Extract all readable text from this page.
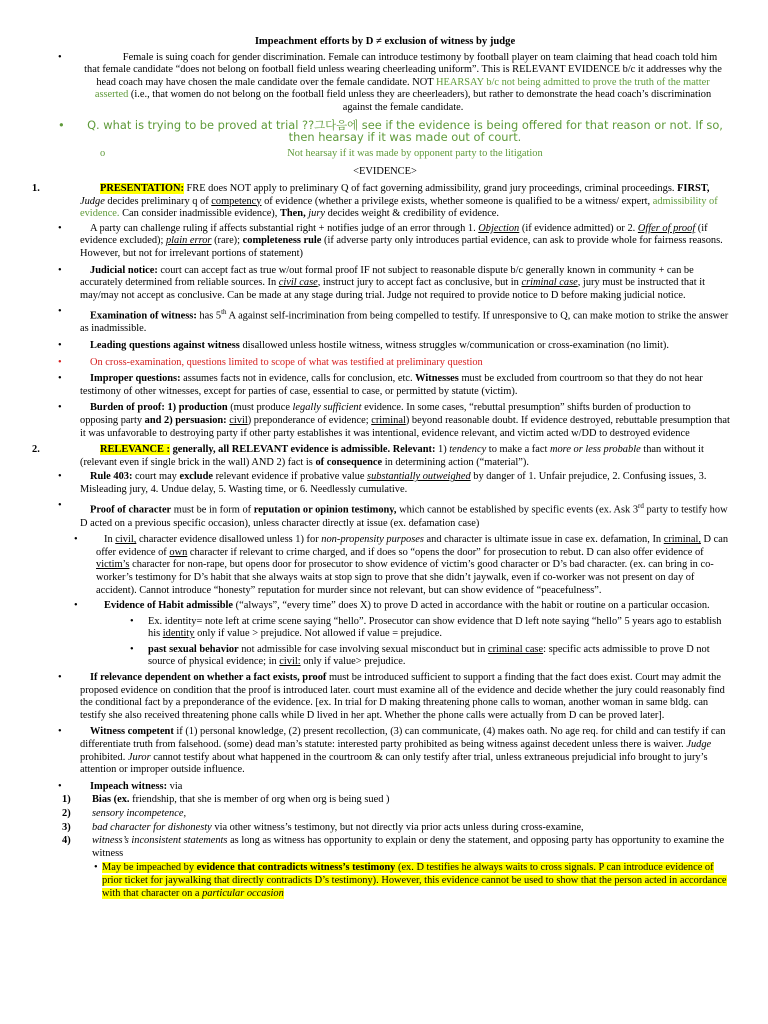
Impeachment efforts by D ≠ exclusion of witness by judge
• Female is suing coach for gender discrimination. Female can introduce testimony by football player on team claiming that head coach told him that female candidate “does not belong on football field unless wearing cheerleading uniform”. This is RELEVANT EVIDENCE b/c it addresses why the head coach may have chosen the male candidate over the female candidate. NOT HEARSAY b/c not being admitted to prove the truth of the matter asserted (i.e., that women do not belong on the football field unless they are cheerleaders), but rather to demonstrate the head coach’s discrimination against the female candidate.
• Q. what is trying to be proved at trial ??그다음에 see if the evidence is being offered for that reason or not. If so, then hearsay if it was made out of court.
o Not hearsay if it was made by opponent party to the litigation
<EVIDENCE>
1.	PRESENTATION: FRE does NOT apply to preliminary Q of fact governing admissibility, grand jury proceedings, criminal proceedings. FIRST, Judge decides preliminary q of competency of evidence (whether a privilege exists, whether someone is qualified to be a witness/ expert, admissibility of evidence. Can consider inadmissible evidence), Then, jury decides weight & credibility of evidence.
• A party can challenge ruling if affects substantial right + notifies judge of an error through 1. Objection (if evidence admitted) or 2. Offer of proof (if evidence excluded); plain error (rare); completeness rule (if adverse party only introduces partial evidence, can ask to provide whole for fairness reasons. However, but not for irrelevant portions of statement)
• Judicial notice: court can accept fact as true w/out formal proof IF not subject to reasonable dispute b/c generally known in community + can be accurately determined from reliable sources. In civil case, instruct jury to accept fact as conclusive, but in criminal case, jury must be instructed that it may/may not accept as conclusive. Can be made at any stage during trial. Judge not required to provide notice to D before making judicial notice.
• Examination of witness: has 5th A against self-incrimination from being compelled to testify. If unresponsive to Q, can make motion to strike the answer as inadmissible.
• Leading questions against witness disallowed unless hostile witness, witness struggles w/communication or cross-examination (no limit).
• On cross-examination, questions limited to scope of what was testified at preliminary question
• Improper questions: assumes facts not in evidence, calls for conclusion, etc. Witnesses must be excluded from courtroom so that they do not hear testimony of other witnesses, except for parties of case, essential to case, or permitted by statute (victim).
• Burden of proof: 1) production (must produce legally sufficient evidence. In some cases, “rebuttal presumption” shifts burden of production to opposing party and 2) persuasion: civil) preponderance of evidence; criminal) beyond reasonable doubt. If evidence destroyed, rebuttable presumption that it was unfavorable to destroying party if other party establishes it was intentional, evidence relevant, and victim acted w/DD to destroyed evidence
2.	RELEVANCE : generally, all RELEVANT evidence is admissible. Relevant: 1) tendency to make a fact more or less probable than without it (relevant even if single brick in the wall) AND 2) fact is of consequence in determining action (“material”).
• Rule 403: court may exclude relevant evidence if probative value substantially outweighed by danger of 1. Unfair prejudice, 2. Confusing issues, 3. Misleading jury, 4. Undue delay, 5. Wasting time, or 6. Needlessly cumulative.
• Proof of character must be in form of reputation or opinion testimony, which cannot be established by specific events (ex. Ask 3rd party to testify how D acted on a previous specific occasion), unless character directly at issue (ex. defamation case)
• In civil, character evidence disallowed unless 1) for non-propensity purposes and character is ultimate issue in case ex. defamation, In criminal, D can offer evidence of own character if relevant to crime charged, and if does so “opens the door” for prosecution to rebut. D can also offer evidence of victim’s character for non-rape, but opens door for prosecutor to show evidence of victim’s good character or D’s bad character. (ex. can bring in co-worker’s testimony for D’s habit that she always waits at stop sign to prove that she didn’t jaywalk, even if co-worker was not present on day of accident). Cannot introduce “honesty” reputation for murder since not relevant, but can show evidence of “peacefulness”.
• Evidence of Habit admissible (“always”, “every time” does X) to prove D acted in accordance with the habit or routine on a particular occasion.
• Ex. identity= note left at crime scene saying “hello”. Prosecutor can show evidence that D left note saying “hello” 5 years ago to establish his identity only if value > prejudice. Not allowed if value = prejudice.
• past sexual behavior not admissible for case involving sexual misconduct but in criminal case: specific acts admissible to prove D not source of physical evidence; in civil: only if value> prejudice.
• If relevance dependent on whether a fact exists, proof must be introduced sufficient to support a finding that the fact does exist. Court may admit the proposed evidence on condition that the proof is introduced later. court must examine all of the evidence and decide whether the jury could reasonably find the conditional fact by a preponderance of the evidence. [ex. In trial for D making threatening phone calls to woman, another woman in same bldg. can testify she also received threatening phone calls while D lived in her apt. Whether the phone calls were actually from D can be proved later].
• Witness competent if (1) personal knowledge, (2) present recollection, (3) can communicate, (4) makes oath. No age req. for child and can testify if can differentiate truth from falsehood. (some) dead man’s statute: interested party prohibited as being witness against decedent unless there is waiver. Judge prohibited. Juror cannot testify about what happened in the courtroom & can only testify after trial, unless extraneous prejudicial info brought to jury’s attention or improper outside influence.
• Impeach witness: via
1) Bias (ex. friendship, that she is member of org when org is being sued )
2) sensory incompetence,
3) bad character for dishonesty via other witness’s testimony, but not directly via prior acts unless during cross-examine,
4) witness’s inconsistent statements as long as witness has opportunity to explain or deny the statement, and opposing party has opportunity to examine the witness
• May be impeached by evidence that contradicts witness’s testimony (ex. D testifies he always waits to cross signals. P can introduce evidence of prior ticket for jaywalking that directly contradicts D’s testimony). However, this evidence cannot be used to show that the person acted in accordance with that character on a particular occasion
